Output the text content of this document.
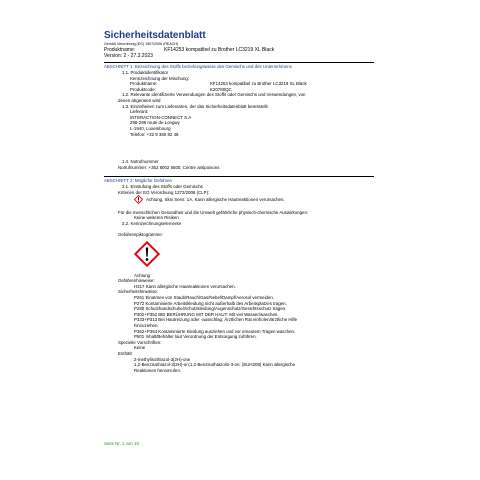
Sicherheitsdatenblatt
Gemäß Verordnung (EG) 1907/2006 (REACH)
Produktname:	KF14253 kompatibel zu Brother LC3219 XL Black
Version: 2 - 27.3.2023
ABSCHNITT 1: Bezeichnung des Stoffs beziehungsweise des Gemischs und des Unternehmens
1.1. Produktidentifikator
Kennzeichnung der Mischung:
Produktname:	KF14253 kompatibel zu Brother LC3219 XL Black
Produktcode:	K20780QC
1.2. Relevante identifizierte Verwendungen des Stoffs oder Gemischs und Verwendungen, von
denen abgeraten wird
1.3. Einzelheiten zum Lieferanten, der das Sicherheitsdatenblatt bereitstellt
Lieferant:
INTERACTION-CONNECT S.A
296-298 route de Longwy
L-1940, Luxembourg
Telefon: +32 9 380 82 48
1.4. Notrufnummer
Notrufnummer: +352 8002 5500, Centre antipoisons
ABSCHNITT 2: Mögliche Gefahren
2.1. Einstufung des Stoffs oder Gemischs
Kriterien der EG Verordnung 1272/2008 (CLP):
Achtung, Skin Sens. 1A, Kann allergische Hautreaktionen verursachen.
Für die menschlichen Gesundheit und die Umwelt gefährliche physisch-chemische Auswirkungen:
Keine weiteren Risiken
2.2. Kennzeichnungselemente
Gefahrenpiktogramme:
Achtung
Gefahrenhinweise:
H317 Kann allergische Hautreaktionen verursachen.
Sicherheitshinweise:
P261 Einatmen von Staub/Rauch/Gas/Nebel/Dampf/Aerosol vermeiden.
P272 Kontaminierte Arbeitskleidung nicht außerhalb des Arbeitsplatzes tragen.
P280 Schutzhandschuhe/Schutzkleidung/Augenschutz/Gesichtsschutz tragen.
P302+P352 BEI BERÜHRUNG MIT DER HAUT: Mit viel Wasser/waschen.
P333+P313 Bei Hautreizung oder -ausschlag: Ärztlichen Rat einholen/ärztliche Hilfe
hinzuziehen.
P362+P364 Kontaminierte Kleidung ausziehen und vor erneutem Tragen waschen.
P501 Inhalt/Behälter laut Verordnung der Entsorgung zuführen.
Spezielle Vorschriften:
Keine
Enthält
2-methylisothiazol-3(2H)-one
1,2-Benzisothiazol-3(2H)-on;1,2-Benzisothiazolin-3-on: (EUH208) Kann allergische
Reaktionen hervorrufen.
Seite Nr. 1 von 10
